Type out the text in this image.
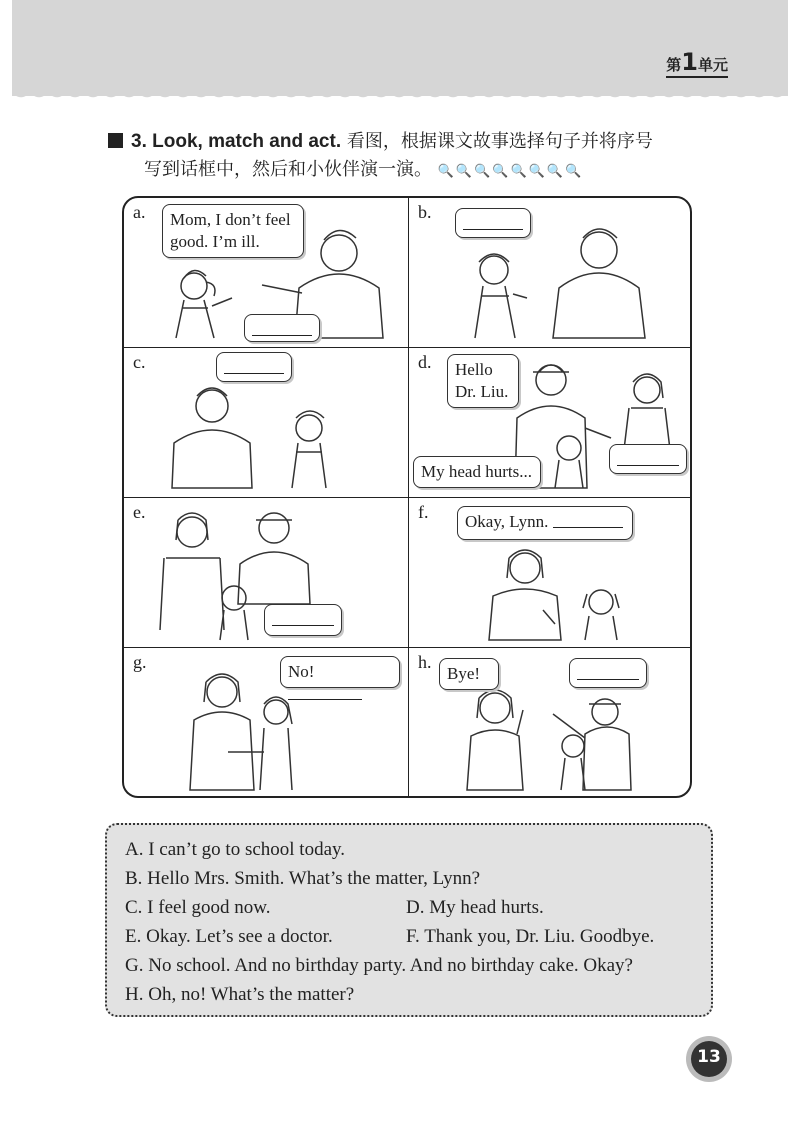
第1单元
3. Look, match and act. 看图，根据课文故事选择句子并将序号
写到话框中，然后和小伙伴演一演。 🔍🔍🔍🔍🔍🔍🔍🔍
a.	Mom, I don’t feel good. I’m ill.
b.
c.	d.	Hello Dr. Liu.
My head hurts...
e.	f.	Okay, Lynn.
g.	No!	h.
Bye!
A. I can’t go to school today.
B. Hello Mrs. Smith. What’s the matter, Lynn?
C. I feel good now.	D. My head hurts.
E. Okay. Let’s see a doctor.	F. Thank you, Dr. Liu. Goodbye.
G. No school. And no birthday party. And no birthday cake. Okay?
H. Oh, no! What’s the matter?
13
